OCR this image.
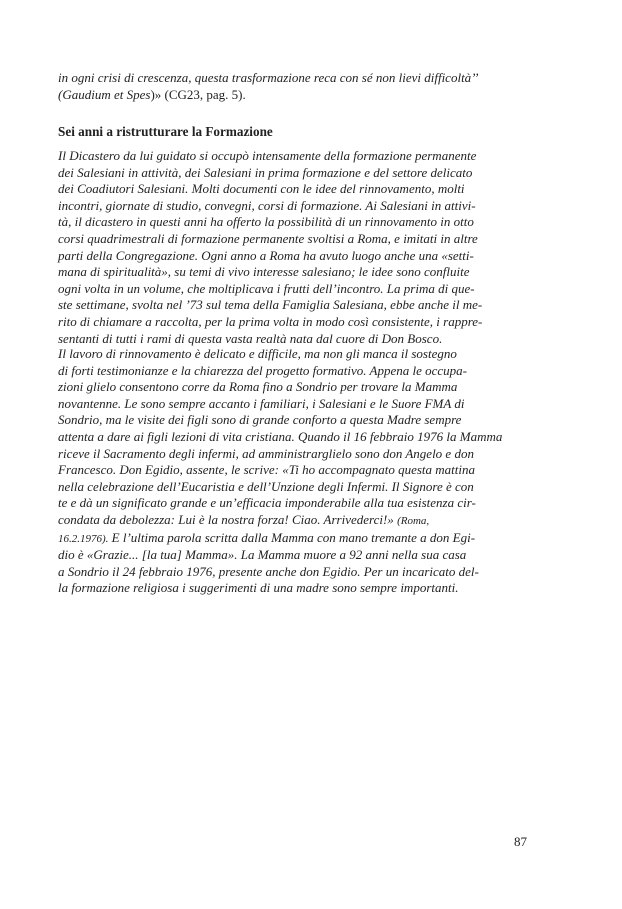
in ogni crisi di crescenza, questa trasformazione reca con sé non lievi difficoltà’’
(Gaudium et Spes)» (CG23, pag. 5).
Sei anni a ristrutturare la Formazione
Il Dicastero da lui guidato si occupò intensamente della formazione permanente
dei Salesiani in attività, dei Salesiani in prima formazione e del settore delicato
dei Coadiutori Salesiani. Molti documenti con le idee del rinnovamento, molti
incontri, giornate di studio, convegni, corsi di formazione. Ai Salesiani in attivi-
tà, il dicastero in questi anni ha offerto la possibilità di un rinnovamento in otto
corsi quadrimestrali di formazione permanente svoltisi a Roma, e imitati in altre
parti della Congregazione. Ogni anno a Roma ha avuto luogo anche una «setti-
mana di spiritualità», su temi di vivo interesse salesiano; le idee sono confluite
ogni volta in un volume, che moltiplicava i frutti dell’incontro. La prima di que-
ste settimane, svolta nel ’73 sul tema della Famiglia Salesiana, ebbe anche il me-
rito di chiamare a raccolta, per la prima volta in modo così consistente, i rappre-
sentanti di tutti i rami di questa vasta realtà nata dal cuore di Don Bosco.
Il lavoro di rinnovamento è delicato e difficile, ma non gli manca il sostegno
di forti testimonianze e la chiarezza del progetto formativo. Appena le occupa-
zioni glielo consentono corre da Roma fino a Sondrio per trovare la Mamma
novantenne. Le sono sempre accanto i familiari, i Salesiani e le Suore FMA di
Sondrio, ma le visite dei figli sono di grande conforto a questa Madre sempre
attenta a dare ai figli lezioni di vita cristiana. Quando il 16 febbraio 1976 la Mamma
riceve il Sacramento degli infermi, ad amministrarglielo sono don Angelo e don
Francesco. Don Egidio, assente, le scrive: «Ti ho accompagnato questa mattina
nella celebrazione dell’Eucaristia e dell’Unzione degli Infermi. Il Signore è con
te e dà un significato grande e un’efficacia imponderabile alla tua esistenza cir-
condata da debolezza: Lui è la nostra forza! Ciao. Arrivederci!» (Roma,
16.2.1976). E l’ultima parola scritta dalla Mamma con mano tremante a don Egi-
dio è «Grazie... [la tua] Mamma». La Mamma muore a 92 anni nella sua casa
a Sondrio il 24 febbraio 1976, presente anche don Egidio. Per un incaricato del-
la formazione religiosa i suggerimenti di una madre sono sempre importanti.
87
